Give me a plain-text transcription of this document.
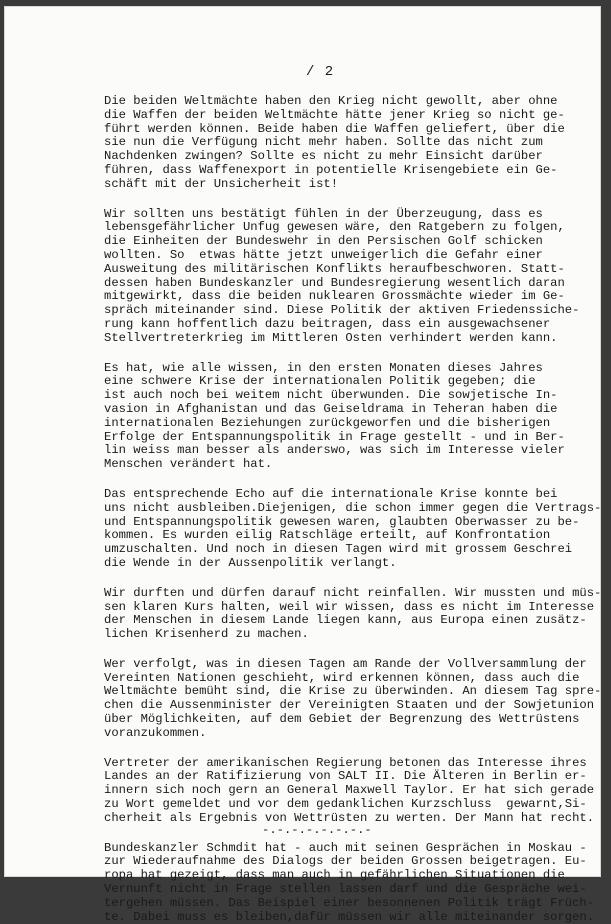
/ 2
Die beiden Weltmächte haben den Krieg nicht gewollt, aber ohne
die Waffen der beiden Weltmächte hätte jener Krieg so nicht ge-
führt werden können. Beide haben die Waffen geliefert, über die
sie nun die Verfügung nicht mehr haben. Sollte das nicht zum
Nachdenken zwingen? Sollte es nicht zu mehr Einsicht darüber
führen, dass Waffenexport in potentielle Krisengebiete ein Ge-
schäft mit der Unsicherheit ist!
Wir sollten uns bestätigt fühlen in der Überzeugung, dass es
lebensgefährlicher Unfug gewesen wäre, den Ratgebern zu folgen,
die Einheiten der Bundeswehr in den Persischen Golf schicken
wollten. So  etwas hätte jetzt unweigerlich die Gefahr einer
Ausweitung des militärischen Konflikts heraufbeschworen. Statt-
dessen haben Bundeskanzler und Bundesregierung wesentlich daran
mitgewirkt, dass die beiden nuklearen Grossmächte wieder im Ge-
spräch miteinander sind. Diese Politik der aktiven Friedenssiche-
rung kann hoffentlich dazu beitragen, dass ein ausgewachsener
Stellvertreterkrieg im Mittleren Osten verhindert werden kann.
Es hat, wie alle wissen, in den ersten Monaten dieses Jahres
eine schwere Krise der internationalen Politik gegeben; die
ist auch noch bei weitem nicht überwunden. Die sowjetische In-
vasion in Afghanistan und das Geiseldrama in Teheran haben die
internationalen Beziehungen zurückgeworfen und die bisherigen
Erfolge der Entspannungspolitik in Frage gestellt - und in Ber-
lin weiss man besser als anderswo, was sich im Interesse vieler
Menschen verändert hat.
Das entsprechende Echo auf die internationale Krise konnte bei
uns nicht ausbleiben.Diejenigen, die schon immer gegen die Vertrags-
und Entspannungspolitik gewesen waren, glaubten Oberwasser zu be-
kommen. Es wurden eilig Ratschläge erteilt, auf Konfrontation
umzuschalten. Und noch in diesen Tagen wird mit grossem Geschrei
die Wende in der Aussenpolitik verlangt.
Wir durften und dürfen darauf nicht reinfallen. Wir mussten und müs-
sen klaren Kurs halten, weil wir wissen, dass es nicht im Interesse
der Menschen in diesem Lande liegen kann, aus Europa einen zusätz-
lichen Krisenherd zu machen.
Wer verfolgt, was in diesen Tagen am Rande der Vollversammlung der
Vereinten Nationen geschieht, wird erkennen können, dass auch die
Weltmächte bemüht sind, die Krise zu überwinden. An diesem Tag spre-
chen die Aussenminister der Vereinigten Staaten und der Sowjetunion
über Möglichkeiten, auf dem Gebiet der Begrenzung des Wettrüstens
voranzukommen.
Vertreter der amerikanischen Regierung betonen das Interesse ihres
Landes an der Ratifizierung von SALT II. Die Älteren in Berlin er-
innern sich noch gern an General Maxwell Taylor. Er hat sich gerade
zu Wort gemeldet und vor dem gedanklichen Kurzschluss  gewarnt,Si-
cherheit als Ergebnis von Wettrüsten zu werten. Der Mann hat recht.
Bundeskanzler Schmdit hat - auch mit seinen Gesprächen in Moskau -
zur Wiederaufnahme des Dialogs der beiden Grossen beigetragen. Eu-
ropa hat gezeigt, dass man auch in gefährlichen Situationen die
Vernunft nicht in Frage stellen lassen darf und die Gespräche wei-
tergehen müssen. Das Beispiel einer besonnenen Politik trägt Früch-
te. Dabei muss es bleiben,dafür müssen wir alle miteinander sorgen.
-.-.-.-.-.-.-.-
